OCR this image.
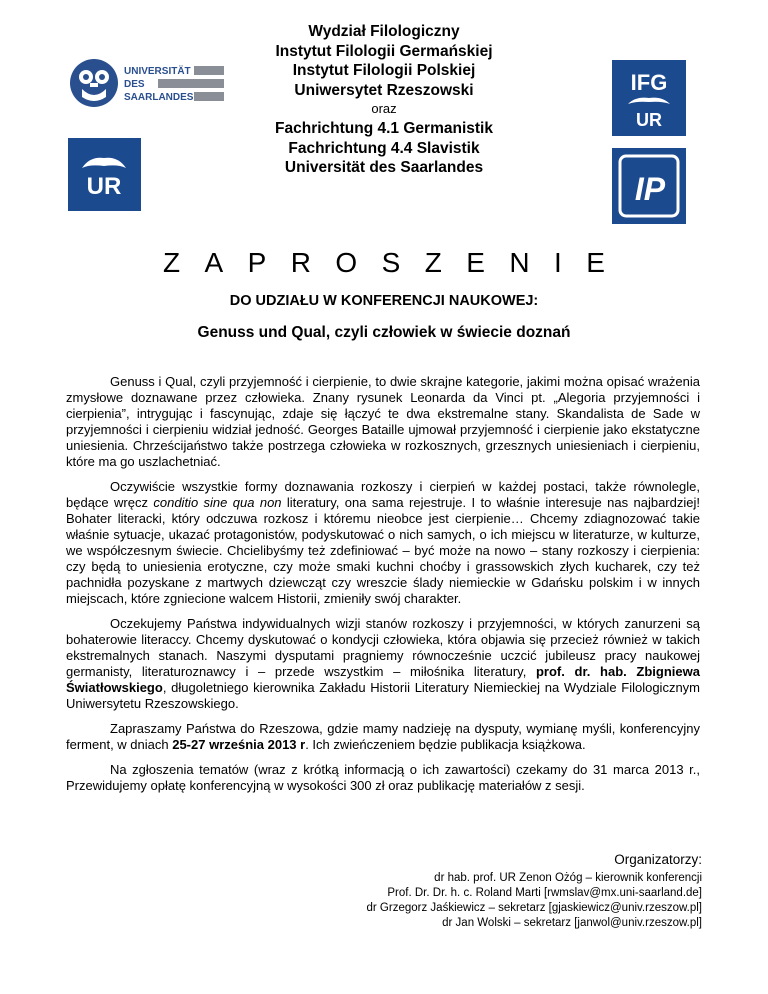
Wydział Filologiczny
Instytut Filologii Germańskiej
Instytut Filologii Polskiej
Uniwersytet Rzeszowski
oraz
Fachrichtung 4.1 Germanistik
Fachrichtung 4.4 Slavistik
Universität des Saarlandes
UNIVERSITÄT
DES
SAARLANDES
UR
IFG
UR
IP
Z A P R O S Z E N I E
DO UDZIAŁU W KONFERENCJI NAUKOWEJ:
Genuss und Qual, czyli człowiek w świecie doznań

Genuss i Qual, czyli przyjemność i cierpienie, to dwie skrajne kategorie, jakimi można opisać wrażenia zmysłowe doznawane przez człowieka. Znany rysunek Leonarda da Vinci pt. „Alegoria przyjemności i cierpienia”, intrygując i fascynując, zdaje się łączyć te dwa ekstremalne stany. Skandalista de Sade w przyjemności i cierpieniu widział jedność. Georges Bataille ujmował przyjemność i cierpienie jako ekstatyczne uniesienia. Chrześcijaństwo także postrzega człowieka w rozkosznych, grzesznych uniesieniach i cierpieniu, które ma go uszlachetniać.

Oczywiście wszystkie formy doznawania rozkoszy i cierpień w każdej postaci, także równolegle, będące wręcz conditio sine qua non literatury, ona sama rejestruje. I to właśnie interesuje nas najbardziej! Bohater literacki, który odczuwa rozkosz i któremu nieobce jest cierpienie… Chcemy zdiagnozować takie właśnie sytuacje, ukazać protagonistów, podyskutować o nich samych, o ich miejscu w literaturze, w kulturze, we współczesnym świecie. Chcielibyśmy też zdefiniować – być może na nowo – stany rozkoszy i cierpienia: czy będą to uniesienia erotyczne, czy może smaki kuchni choćby i grassowskich złych kucharek, czy też pachnidła pozyskane z martwych dziewcząt czy wreszcie ślady niemieckie w Gdańsku polskim i w innych miejscach, które zgniecione walcem Historii, zmieniły swój charakter.

Oczekujemy Państwa indywidualnych wizji stanów rozkoszy i przyjemności, w których zanurzeni są bohaterowie literaccy. Chcemy dyskutować o kondycji człowieka, która objawia się przecież również w takich ekstremalnych stanach. Naszymi dysputami pragniemy równocześnie uczcić jubileusz pracy naukowej germanisty, literaturoznawcy i – przede wszystkim – miłośnika literatury, prof. dr. hab. Zbigniewa Światłowskiego, długoletniego kierownika Zakładu Historii Literatury Niemieckiej na Wydziale Filologicznym Uniwersytetu Rzeszowskiego.

Zapraszamy Państwa do Rzeszowa, gdzie mamy nadzieję na dysputy, wymianę myśli, konferencyjny ferment, w dniach 25-27 września 2013 r. Ich zwieńczeniem będzie publikacja książkowa.

Na zgłoszenia tematów (wraz z krótką informacją o ich zawartości) czekamy do 31 marca 2013 r., Przewidujemy opłatę konferencyjną w wysokości 300 zł oraz publikację materiałów z sesji.

Organizatorzy:
dr hab. prof. UR Zenon Ożóg – kierownik konferencji
Prof. Dr. Dr. h. c. Roland Marti [rwmslav@mx.uni-saarland.de]
dr Grzegorz Jaśkiewicz – sekretarz [gjaskiewicz@univ.rzeszow.pl]
dr Jan Wolski – sekretarz [janwol@univ.rzeszow.pl]
